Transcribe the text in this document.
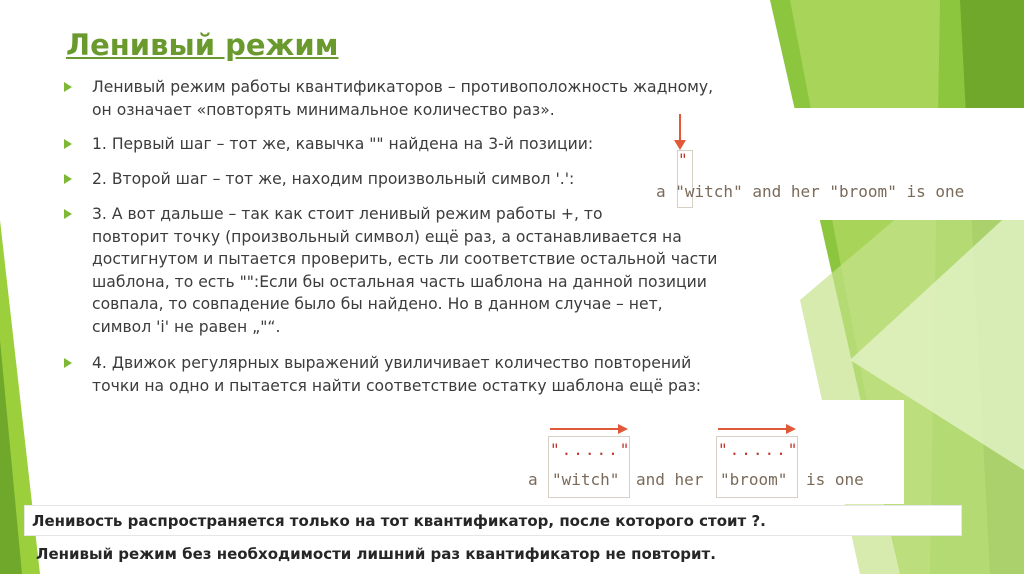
Ленивый режим
Ленивый режим работы квантификаторов – противоположность жадному,
он означает «повторять минимальное количество раз».
1. Первый шаг – тот же, кавычка "" найдена на 3-й позиции:
2. Второй шаг – тот же, находим произвольный символ '.':
3. А вот дальше – так как стоит ленивый режим работы +, то
повторит точку (произвольный символ) ещё раз, а останавливается на
достигнутом и пытается проверить, есть ли соответствие остальной части
шаблона, то есть "":Если бы остальная часть шаблона на данной позиции
совпала, то совпадение было бы найдено. Но в данном случае – нет,
символ 'i' не равен „"“.
4. Движок регулярных выражений увиличивает количество повторений
точки на одно и пытается найти соответствие остатку шаблона ещё раз:
"
a "witch" and her "broom" is one
"....."	"....."
a "witch" and her "broom" is one
Ленивость распространяется только на тот квантификатор, после которого стоит ?.
Ленивый режим без необходимости лишний раз квантификатор не повторит.
